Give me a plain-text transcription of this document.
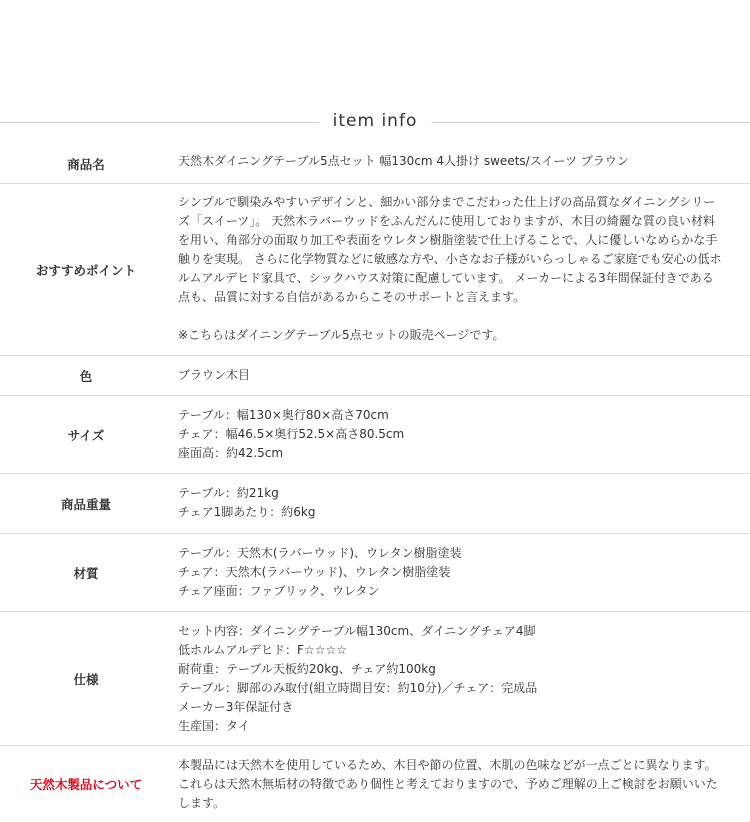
item info
商品名	天然木ダイニングテーブル5点セット 幅130cm 4人掛け sweets/スイーツ ブラウン
おすすめポイント
シンプルで馴染みやすいデザインと、細かい部分までこだわった仕上げの高品質なダイニングシリーズ「スイーツ」。 天然木ラバーウッドをふんだんに使用しておりますが、木目の綺麗な質の良い材料を用い、角部分の面取り加工や表面をウレタン樹脂塗装で仕上げることで、人に優しいなめらかな手触りを実現。 さらに化学物質などに敏感な方や、小さなお子様がいらっしゃるご家庭でも安心の低ホルムアルデヒド家具で、シックハウス対策に配慮しています。 メーカーによる3年間保証付きである点も、品質に対する自信があるからこそのサポートと言えます。
※こちらはダイニングテーブル5点セットの販売ページです。
色	ブラウン木目
サイズ
テーブル：幅130×奥行80×高さ70cm
チェア：幅46.5×奥行52.5×高さ80.5cm
座面高：約42.5cm
商品重量
テーブル：約21kg
チェア1脚あたり：約6kg
材質
テーブル：天然木(ラバーウッド)、ウレタン樹脂塗装
チェア：天然木(ラバーウッド)、ウレタン樹脂塗装
チェア座面：ファブリック、ウレタン
仕様
セット内容：ダイニングテーブル幅130cm、ダイニングチェア4脚
低ホルムアルデヒド：F☆☆☆☆
耐荷重：テーブル天板約20kg、チェア約100kg
テーブル：脚部のみ取付(組立時間目安：約10分)／チェア：完成品
メーカー3年保証付き
生産国：タイ
天然木製品について
本製品には天然木を使用しているため、木目や節の位置、木肌の色味などが一点ごとに異なります。 これらは天然木無垢材の特徴であり個性と考えておりますので、予めご理解の上ご検討をお願いいたします。
